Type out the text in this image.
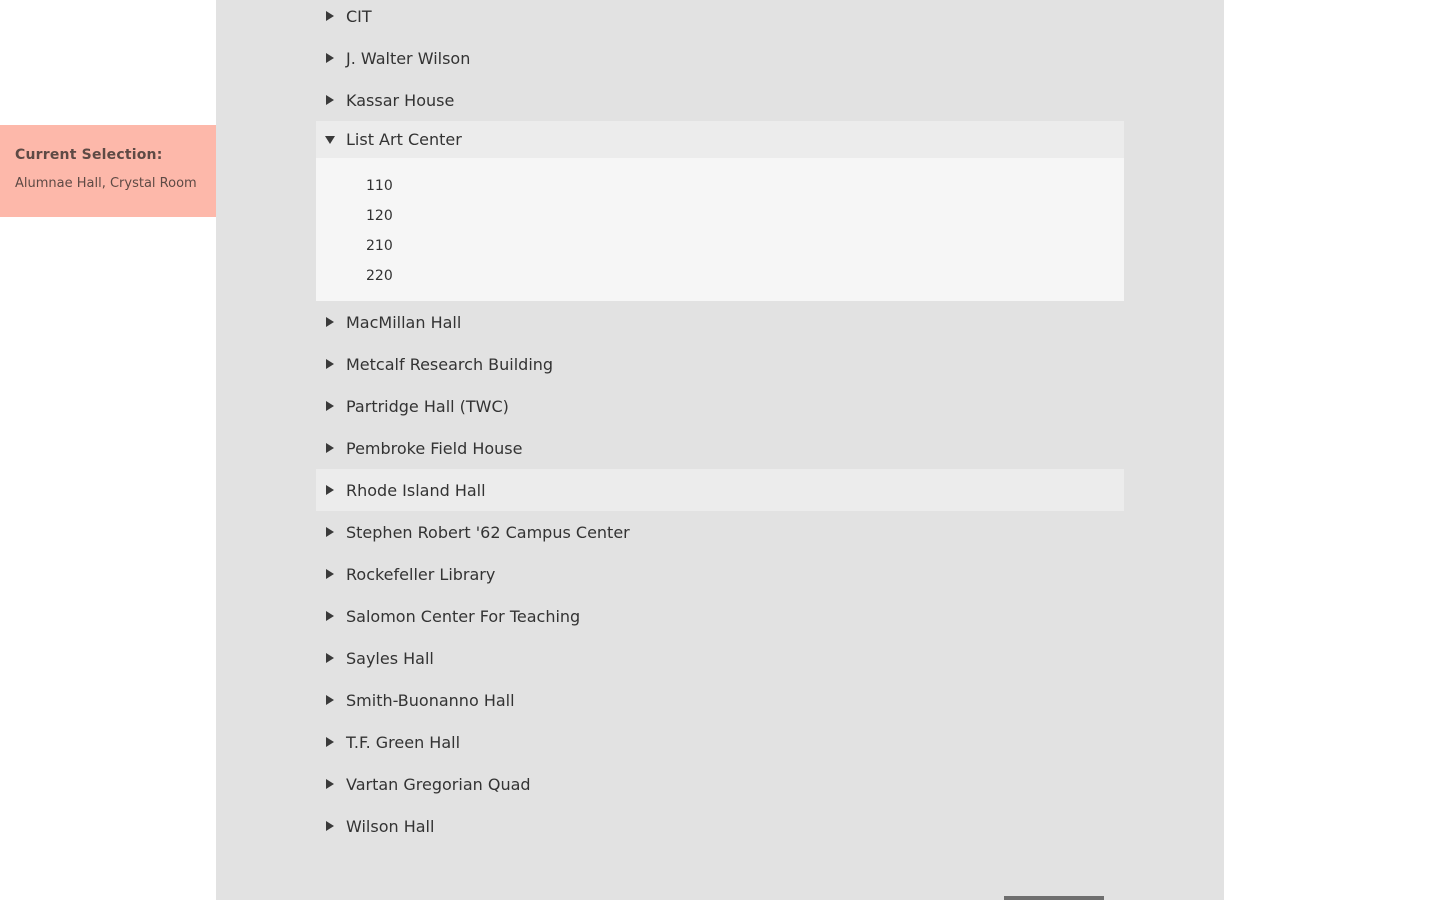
Current Selection:
Alumnae Hall, Crystal Room
CIT
J. Walter Wilson
Kassar House
List Art Center
110
120
210
220
MacMillan Hall
Metcalf Research Building
Partridge Hall (TWC)
Pembroke Field House
Rhode Island Hall
Stephen Robert '62 Campus Center
Rockefeller Library
Salomon Center For Teaching
Sayles Hall
Smith-Buonanno Hall
T.F. Green Hall
Vartan Gregorian Quad
Wilson Hall
